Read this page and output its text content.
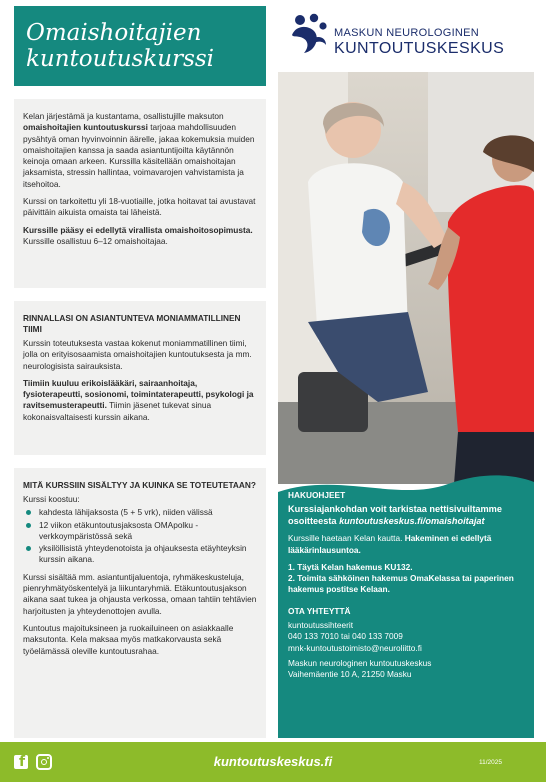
Omaishoitajien kuntoutuskurssi
MASKUN NEUROLOGINEN
KUNTOUTUSKESKUS
HAKUOHJEET

Kurssiajankohdan voit tarkistaa nettisivuiltamme osoitteesta kuntoutuskeskus.fi/omaishoitajat

Kurssille haetaan Kelan kautta. Hakeminen ei edellytä lääkärinlausuntoa.

1. Täytä Kelan hakemus KU132.

2. Toimita sähköinen hakemus OmaKelassa tai paperinen hakemus postitse Kelaan.

OTA YHTEYTTÄ

kuntoutussihteerit
040 133 7010 tai 040 133 7009
mnk-kuntoutustoimisto@neuroliitto.fi

Maskun neurologinen kuntoutuskeskus
Vaihemäentie 10 A, 21250 Masku

Kelan järjestämä ja kustantama, osallistujille maksuton omaishoitajien kuntoutuskurssi tarjoaa mahdollisuuden pysähtyä oman hyvinvoinnin äärelle, jakaa kokemuksia muiden omaishoitajien kanssa ja saada asiantuntijoilta käytännön keinoja omaan arkeen. Kurssilla käsitellään omaishoitajan jaksamista, stressin hallintaa, voimavarojen vahvistamista ja itsehoitoa.

Kurssi on tarkoitettu yli 18-vuotiaille, jotka hoitavat tai avustavat päivittäin aikuista omaista tai läheistä.

Kurssille pääsy ei edellytä virallista omaishoitosopimusta. Kurssille osallistuu 6–12 omaishoitajaa.

RINNALLASI ON ASIANTUNTEVA MONIAMMATILLINEN TIIMI

Kurssin toteutuksesta vastaa kokenut moniammatillinen tiimi, jolla on erityisosaamista omaishoitajien kuntoutuksesta ja mm. neurologisista sairauksista.

Tiimiin kuuluu erikoislääkäri, sairaanhoitaja, fysioterapeutti, sosionomi, toimintaterapeutti, psykologi ja ravitsemusterapeutti. Tiimin jäsenet tukevat sinua kokonaisvaltaisesti kurssin aikana.

MITÄ KURSSIIN SISÄLTYY JA KUINKA SE TOTEUTETAAN?

Kurssi koostuu:

kahdesta lähijaksosta (5 + 5 vrk), niiden välissä
12 viikon etäkuntoutusjaksosta OMApolku -verkkoympäristössä sekä
yksilöllisistä yhteydenotoista ja ohjauksesta etäyhteyksin kurssin aikana.

Kurssi sisältää mm. asiantuntijaluentoja, ryhmäkeskusteluja, pienryhmätyöskentelyä ja liikuntaryhmiä. Etäkuntoutusjakson aikana saat tukea ja ohjausta verkossa, omaan tahtiin tehtävien harjoitusten ja yhteydenottojen avulla.

Kuntoutus majoituksineen ja ruokailuineen on asiakkaalle maksutonta. Kela maksaa myös matkakorvausta sekä työelämässä oleville kuntoutusrahaa.

f	kuntoutuskeskus.fi	11/2025
